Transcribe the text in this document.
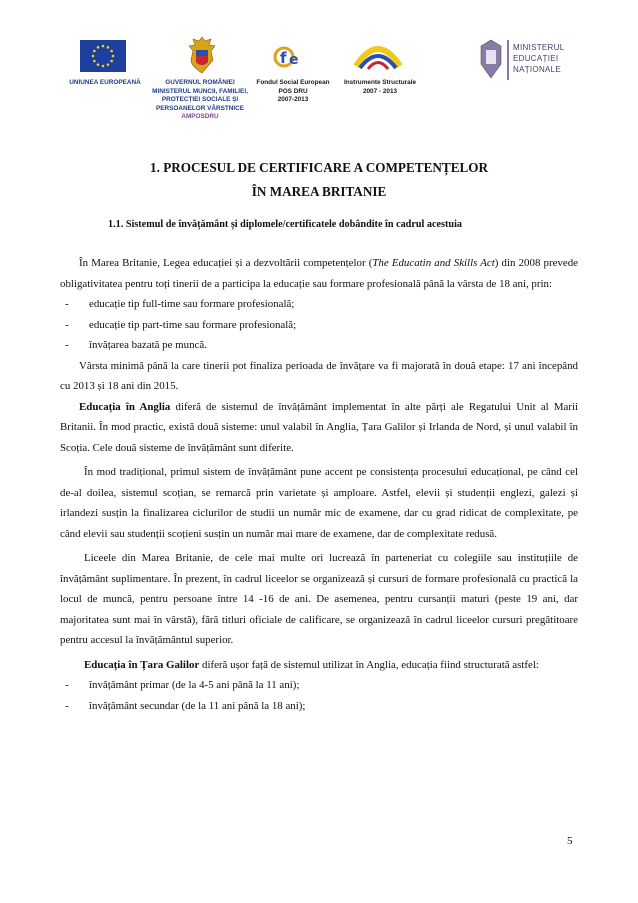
UNIUNEA EUROPEANĂ	GUVERNUL ROMÂNIEI
MINISTERUL MUNCII, FAMILIEI,
PROTECȚIEI SOCIALE ȘI
PERSOANELOR VÂRSTNICE
AMPOSDRU
f e
Fondul Social European
POS DRU
2007-2013
Instrumente Structurale
2007 - 2013
MINISTERUL
EDUCAȚIEI
NAȚIONALE
1. PROCESUL DE CERTIFICARE A COMPETENȚELOR
ÎN MAREA BRITANIE
1.1. Sistemul de învățământ și diplomele/certificatele dobândite în cadrul acestuia

În Marea Britanie, Legea educației și a dezvoltării competențelor (The Educatin and Skills Act) din 2008 prevede obligativitatea pentru toți tinerii de a participa la educație sau formare profesională până la vârsta de 18 ani, prin:

-	educație tip full-time sau formare profesională;
-	educație tip part-time sau formare profesională;
-	învățarea bazată pe muncă.

Vârsta minimă până la care tinerii pot finaliza perioada de învățare va fi majorată în două etape: 17 ani începând cu 2013 și 18 ani din 2015.

Educația în Anglia diferă de sistemul de învățământ implementat în alte părți ale Regatului Unit al Marii Britanii. În mod practic, există două sisteme: unul valabil în Anglia, Țara Galilor și Irlanda de Nord, și unul valabil în Scoția. Cele două sisteme de învățământ sunt diferite.

În mod tradițional, primul sistem de învățământ pune accent pe consistența procesului educațional, pe când cel de-al doilea, sistemul scoțian, se remarcă prin varietate și amploare. Astfel, elevii și studenții englezi, galezi și irlandezi susțin la finalizarea ciclurilor de studii un număr mic de examene, dar cu grad ridicat de complexitate, pe când elevii sau studenții scoțieni susțin un număr mai mare de examene, dar de complexitate redusă.

Liceele din Marea Britanie, de cele mai multe ori lucrează în parteneriat cu colegiile sau instituțiile de învățământ suplimentare. În prezent, în cadrul liceelor se organizează și cursuri de formare profesională cu practică la locul de muncă, pentru persoane între 14 -16 de ani. De asemenea, pentru cursanții maturi (peste 19 ani, dar majoritatea sunt mai în vârstă), fără titluri oficiale de calificare, se organizează în cadrul liceelor cursuri pregătitoare pentru accesul la învățământul superior.

Educația în Țara Galilor diferă ușor față de sistemul utilizat în Anglia, educația fiind structurată astfel:

-	învățământ primar (de la 4-5 ani până la 11 ani);
-	învățământ secundar (de la 11 ani până la 18 ani);
5
